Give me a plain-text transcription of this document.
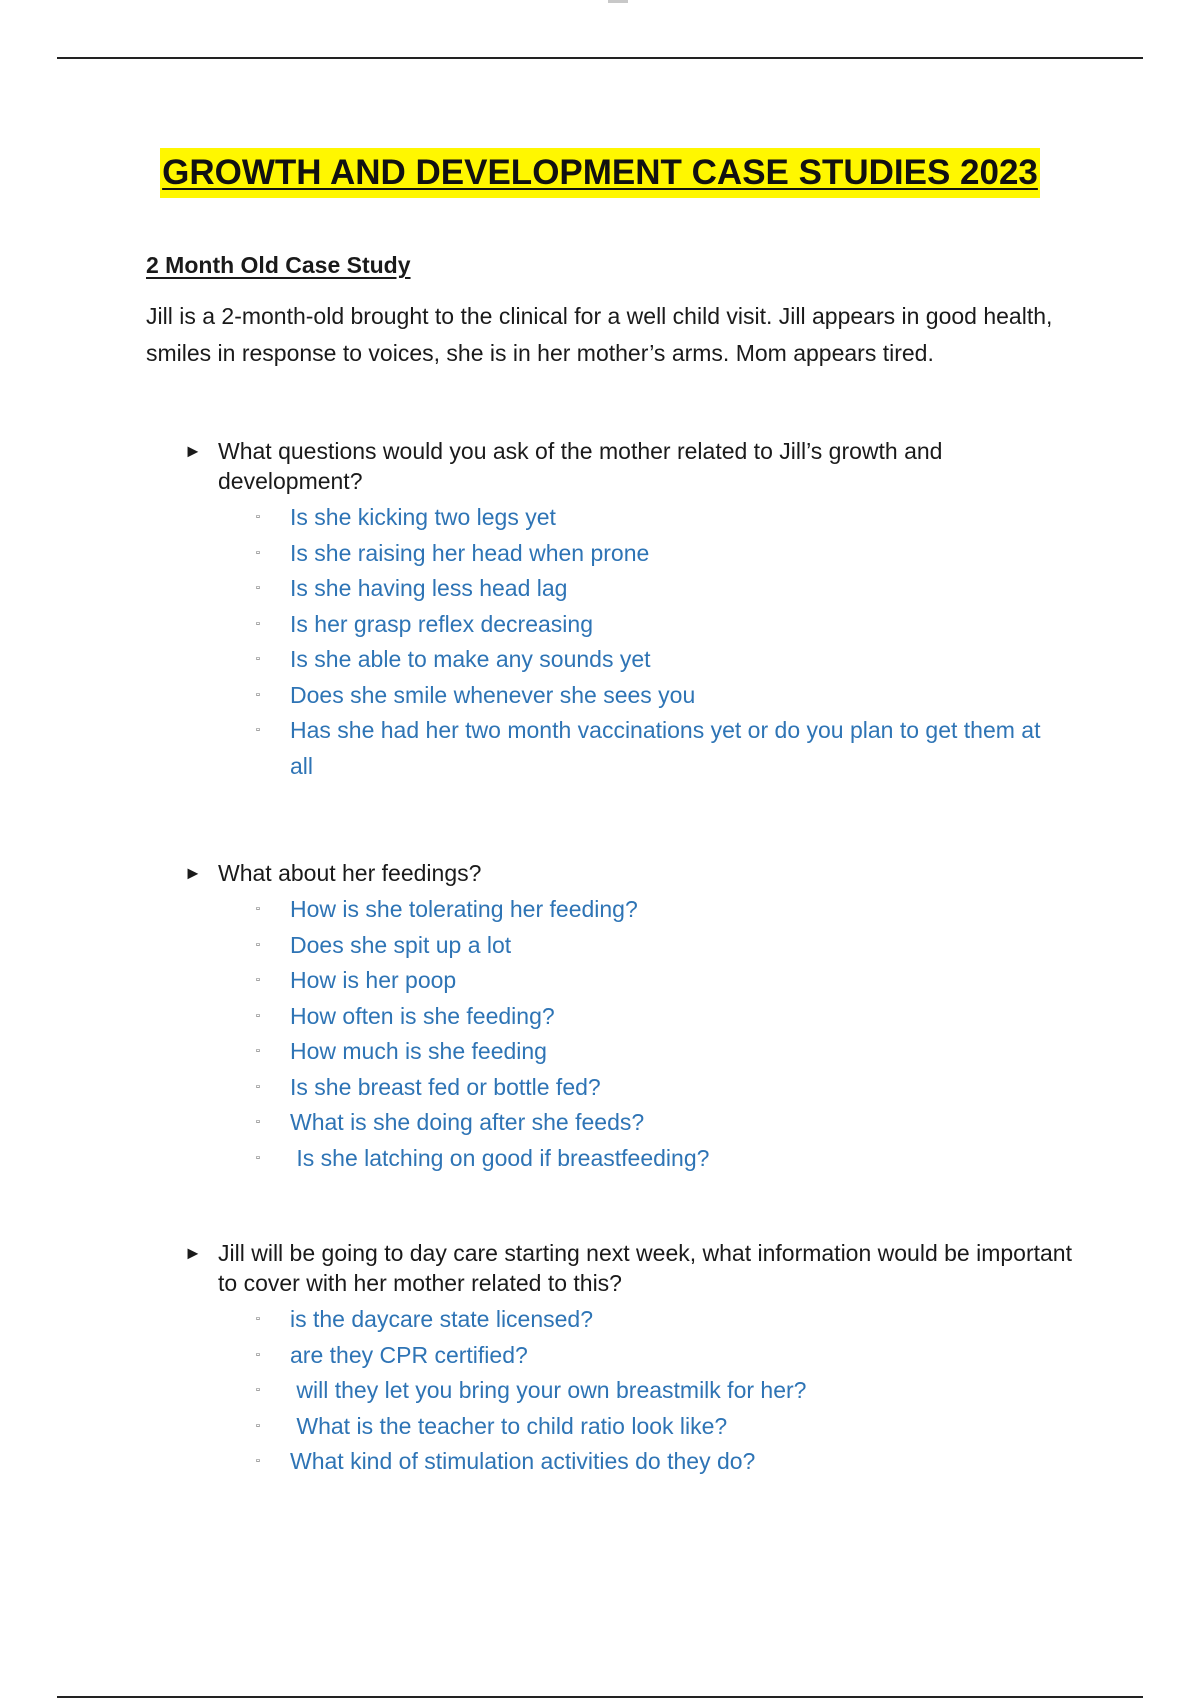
GROWTH AND DEVELOPMENT CASE STUDIES 2023
2 Month Old Case Study

Jill is a 2-month-old brought to the clinical for a well child visit. Jill appears in good health, smiles in response to voices, she is in her mother’s arms. Mom appears tired.

► What questions would you ask of the mother related to Jill’s growth and development?
▫ Is she kicking two legs yet
▫ Is she raising her head when prone
▫ Is she having less head lag
▫ Is her grasp reflex decreasing
▫ Is she able to make any sounds yet
▫ Does she smile whenever she sees you
▫ Has she had her two month vaccinations yet or do you plan to get them at all
► What about her feedings?
▫ How is she tolerating her feeding?
▫ Does she spit up a lot
▫ How is her poop
▫ How often is she feeding?
▫ How much is she feeding
▫ Is she breast fed or bottle fed?
▫ What is she doing after she feeds?
▫ Is she latching on good if breastfeeding?
► Jill will be going to day care starting next week, what information would be important to cover with her mother related to this?
▫ is the daycare state licensed?
▫ are they CPR certified?
▫ will they let you bring your own breastmilk for her?
▫ What is the teacher to child ratio look like?
▫ What kind of stimulation activities do they do?
